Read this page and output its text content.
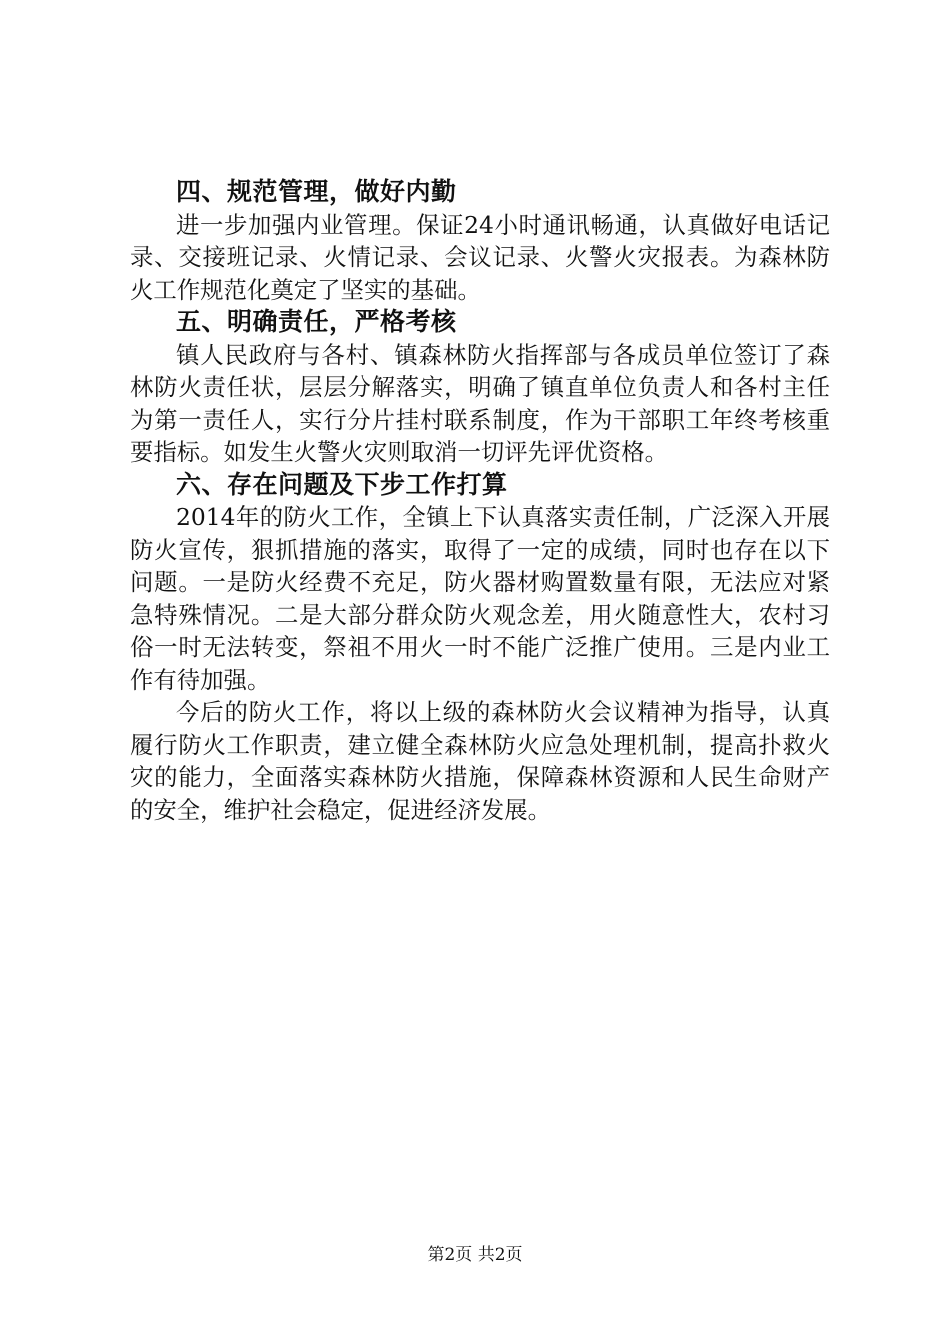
四、规范管理，做好内勤

进一步加强内业管理。保证24小时通讯畅通，认真做好电话记录、交接班记录、火情记录、会议记录、火警火灾报表。为森林防火工作规范化奠定了坚实的基础。

五、明确责任，严格考核

镇人民政府与各村、镇森林防火指挥部与各成员单位签订了森林防火责任状，层层分解落实，明确了镇直单位负责人和各村主任为第一责任人，实行分片挂村联系制度，作为干部职工年终考核重要指标。如发生火警火灾则取消一切评先评优资格。

六、存在问题及下步工作打算

2014年的防火工作，全镇上下认真落实责任制，广泛深入开展防火宣传，狠抓措施的落实，取得了一定的成绩，同时也存在以下问题。一是防火经费不充足，防火器材购置数量有限，无法应对紧急特殊情况。二是大部分群众防火观念差，用火随意性大，农村习俗一时无法转变，祭祖不用火一时不能广泛推广使用。三是内业工作有待加强。

今后的防火工作，将以上级的森林防火会议精神为指导，认真履行防火工作职责，建立健全森林防火应急处理机制，提高扑救火灾的能力，全面落实森林防火措施，保障森林资源和人民生命财产的安全，维护社会稳定，促进经济发展。

第2页 共2页
